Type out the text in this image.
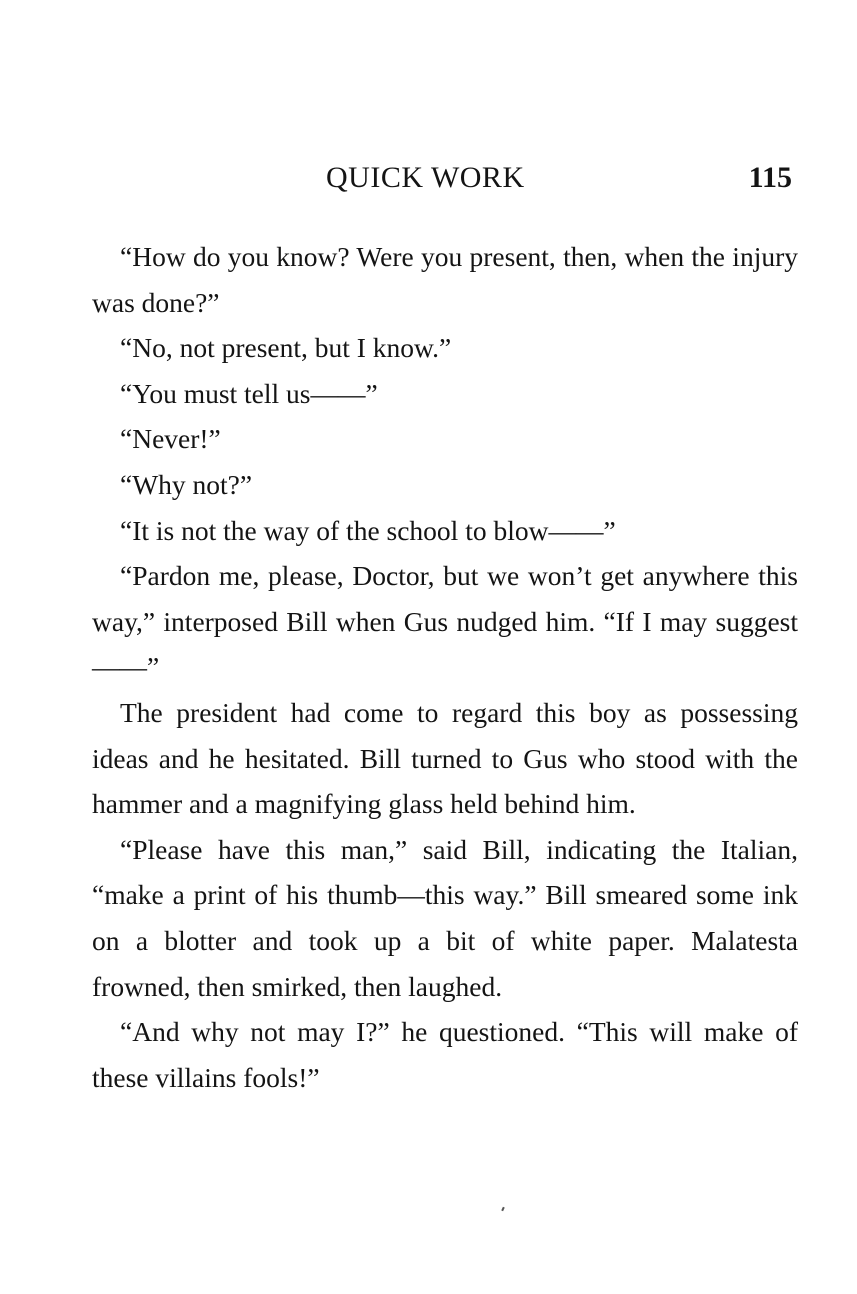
QUICK WORK	115

“How do you know? Were you present, then, when the injury was done?”

“No, not present, but I know.”

“You must tell us——”

“Never!”

“Why not?”

“It is not the way of the school to blow——”

“Pardon me, please, Doctor, but we won’t get anywhere this way,” interposed Bill when Gus nudged him. “If I may suggest——”

The president had come to regard this boy as possessing ideas and he hesitated. Bill turned to Gus who stood with the hammer and a magnifying glass held behind him.

“Please have this man,” said Bill, indicating the Italian, “make a print of his thumb—this way.” Bill smeared some ink on a blotter and took up a bit of white paper. Malatesta frowned, then smirked, then laughed.

“And why not may I?” he questioned. “This will make of these villains fools!”
